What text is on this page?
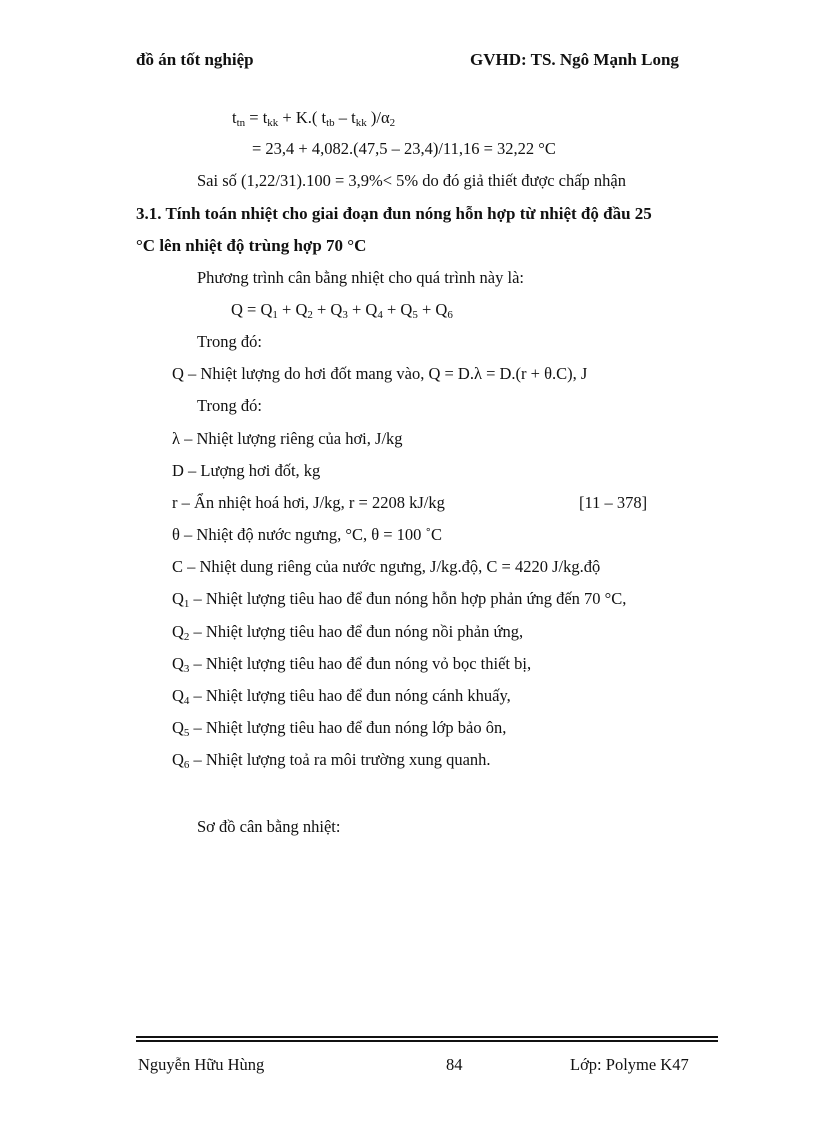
đồ án tốt nghiệp	GVHD: TS. Ngô Mạnh Long
$t_{tn} = t_{kk} + K$.( $t_{tb} - t_{kk}$ )$/\alpha_2$
= 23,4 + 4,082.(47,5 – 23,4)/11,16 = 32,22 °C
Sai số (1,22/31).100 = 3,9%< 5% do đó giả thiết được chấp nhận
3.1. Tính toán nhiệt cho giai đoạn đun nóng hỗn hợp từ nhiệt độ đầu 25
°C lên nhiệt độ trùng hợp 70 °C
Phương trình cân bằng nhiệt cho quá trình này là:
$Q = Q_1 + Q_2 + Q_3 + Q_4 + Q_5 + Q_6$
Trong đó:
Q – Nhiệt lượng do hơi đốt mang vào, Q = D.λ = D.(r + θ.C), J
Trong đó:
λ – Nhiệt lượng riêng của hơi, J/kg
D – Lượng hơi đốt, kg
r – Ẩn nhiệt hoá hơi, J/kg, r = 2208 kJ/kg	[11 – 378]
θ – Nhiệt độ nước ngưng, °C, θ = 100 ˚C
C – Nhiệt dung riêng của nước ngưng, J/kg.độ, C = 4220 J/kg.độ
$Q_1$ – Nhiệt lượng tiêu hao để đun nóng hỗn hợp phản ứng đến 70 °C,
$Q_2$ – Nhiệt lượng tiêu hao để đun nóng nồi phản ứng,
$Q_3$ – Nhiệt lượng tiêu hao để đun nóng vỏ bọc thiết bị,
$Q_4$ – Nhiệt lượng tiêu hao để đun nóng cánh khuấy,
$Q_5$ – Nhiệt lượng tiêu hao để đun nóng lớp bảo ôn,
$Q_6$ – Nhiệt lượng toả ra môi trường xung quanh.
Sơ đồ cân bằng nhiệt:
Nguyễn Hữu Hùng	84	Lớp: Polyme K47
